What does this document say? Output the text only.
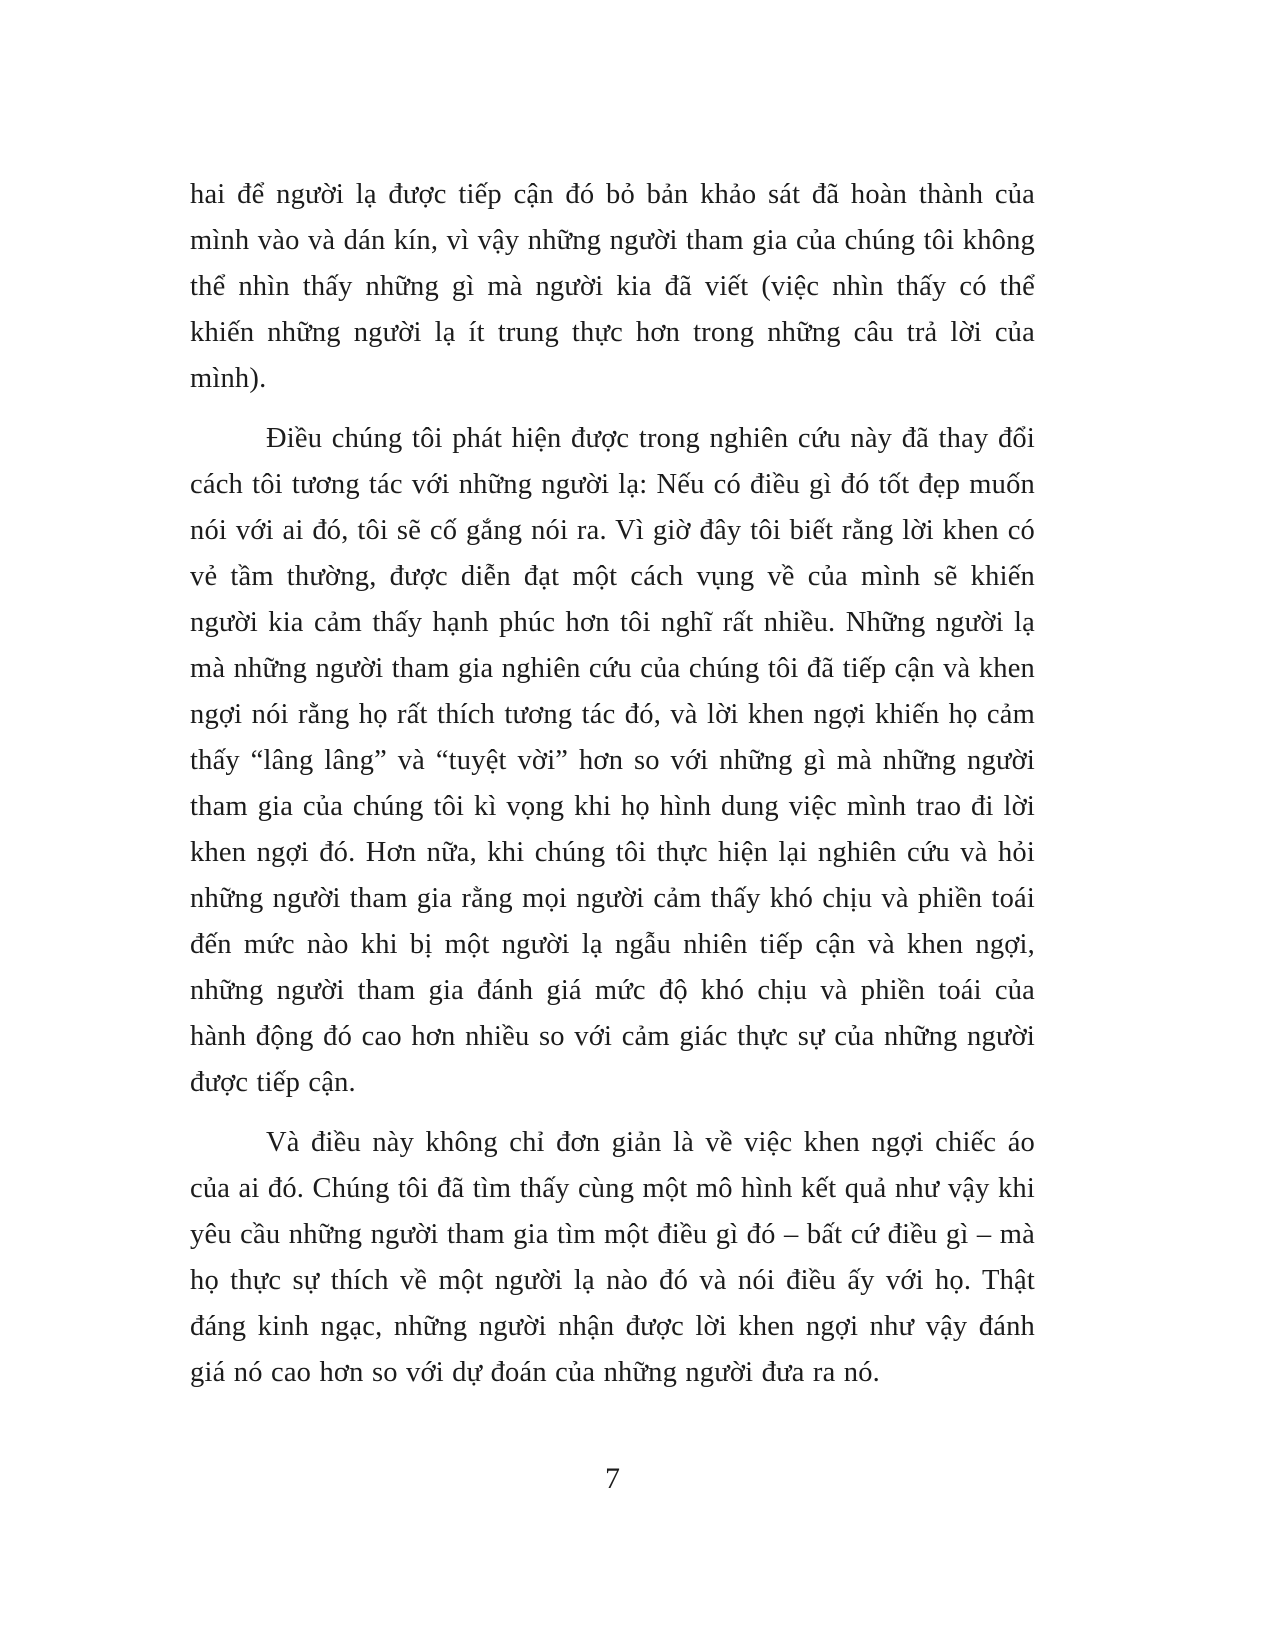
hai để người lạ được tiếp cận đó bỏ bản khảo sát đã hoàn thành của mình vào và dán kín, vì vậy những người tham gia của chúng tôi không thể nhìn thấy những gì mà người kia đã viết (việc nhìn thấy có thể khiến những người lạ ít trung thực hơn trong những câu trả lời của mình).

Điều chúng tôi phát hiện được trong nghiên cứu này đã thay đổi cách tôi tương tác với những người lạ: Nếu có điều gì đó tốt đẹp muốn nói với ai đó, tôi sẽ cố gắng nói ra. Vì giờ đây tôi biết rằng lời khen có vẻ tầm thường, được diễn đạt một cách vụng về của mình sẽ khiến người kia cảm thấy hạnh phúc hơn tôi nghĩ rất nhiều. Những người lạ mà những người tham gia nghiên cứu của chúng tôi đã tiếp cận và khen ngợi nói rằng họ rất thích tương tác đó, và lời khen ngợi khiến họ cảm thấy “lâng lâng” và “tuyệt vời” hơn so với những gì mà những người tham gia của chúng tôi kì vọng khi họ hình dung việc mình trao đi lời khen ngợi đó. Hơn nữa, khi chúng tôi thực hiện lại nghiên cứu và hỏi những người tham gia rằng mọi người cảm thấy khó chịu và phiền toái đến mức nào khi bị một người lạ ngẫu nhiên tiếp cận và khen ngợi, những người tham gia đánh giá mức độ khó chịu và phiền toái của hành động đó cao hơn nhiều so với cảm giác thực sự của những người được tiếp cận.

Và điều này không chỉ đơn giản là về việc khen ngợi chiếc áo của ai đó. Chúng tôi đã tìm thấy cùng một mô hình kết quả như vậy khi yêu cầu những người tham gia tìm một điều gì đó – bất cứ điều gì – mà họ thực sự thích về một người lạ nào đó và nói điều ấy với họ. Thật đáng kinh ngạc, những người nhận được lời khen ngợi như vậy đánh giá nó cao hơn so với dự đoán của những người đưa ra nó.

7
